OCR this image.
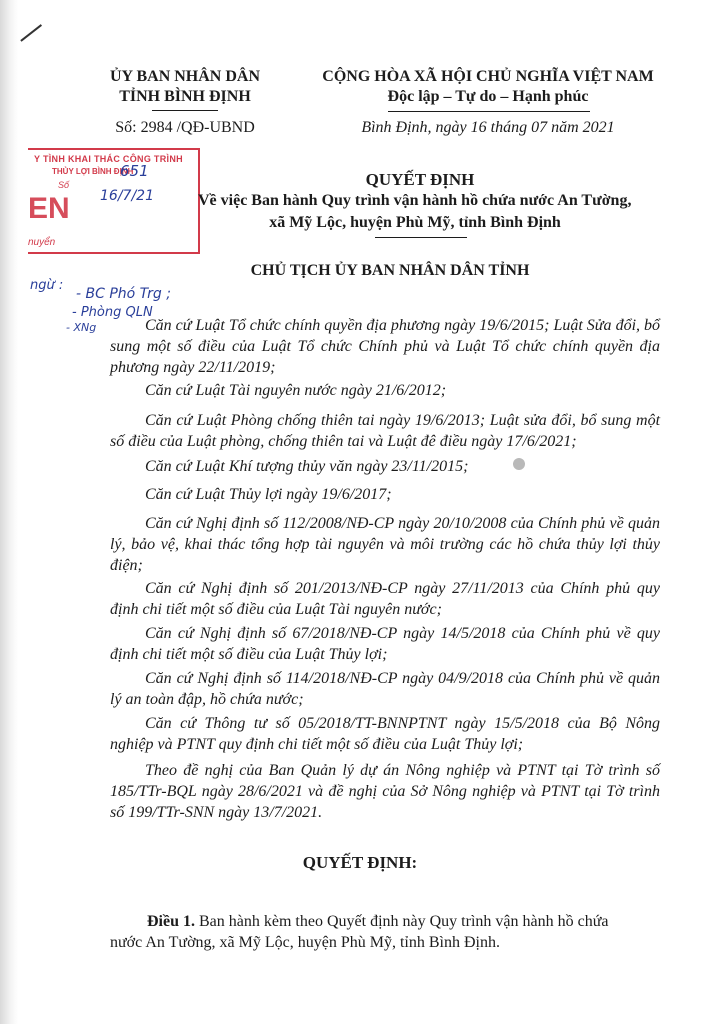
ỦY BAN NHÂN DÂN
TỈNH BÌNH ĐỊNH
Số: 2984 /QĐ-UBND
CỘNG HÒA XÃ HỘI CHỦ NGHĨA VIỆT NAM
Độc lập – Tự do – Hạnh phúc
Bình Định, ngày 16 tháng 07 năm 2021
Y TÌNH KHAI THÁC CÔNG TRÌNH
THỦY LỢI BÌNH ĐỊNH
Số
EN
nuyển
651
16/7/21
QUYẾT ĐỊNH
Về việc Ban hành Quy trình vận hành hồ chứa nước An Tường,
xã Mỹ Lộc, huyện Phù Mỹ, tỉnh Bình Định
ngừ :
- BC Phó Trg ;
- Phòng QLN
- XNg
CHỦ TỊCH ỦY BAN NHÂN DÂN TỈNH
Căn cứ Luật Tổ chức chính quyền địa phương ngày 19/6/2015; Luật Sửa đổi, bổ sung một số điều của Luật Tổ chức Chính phủ và Luật Tổ chức chính quyền địa phương ngày 22/11/2019;
Căn cứ Luật Tài nguyên nước ngày 21/6/2012;
Căn cứ Luật Phòng chống thiên tai ngày 19/6/2013; Luật sửa đổi, bổ sung một số điều của Luật phòng, chống thiên tai và Luật đê điều ngày 17/6/2021;
Căn cứ Luật Khí tượng thủy văn ngày 23/11/2015;
Căn cứ Luật Thủy lợi ngày 19/6/2017;
Căn cứ Nghị định số 112/2008/NĐ-CP ngày 20/10/2008 của Chính phủ về quản lý, bảo vệ, khai thác tổng hợp tài nguyên và môi trường các hồ chứa thủy lợi thủy điện;
Căn cứ Nghị định số 201/2013/NĐ-CP ngày 27/11/2013 của Chính phủ quy định chi tiết một số điều của Luật Tài nguyên nước;
Căn cứ Nghị định số 67/2018/NĐ-CP ngày 14/5/2018 của Chính phủ về quy định chi tiết một số điều của Luật Thủy lợi;
Căn cứ Nghị định số 114/2018/NĐ-CP ngày 04/9/2018 của Chính phủ về quản lý an toàn đập, hồ chứa nước;
Căn cứ Thông tư số 05/2018/TT-BNNPTNT ngày 15/5/2018 của Bộ Nông nghiệp và PTNT quy định chi tiết một số điều của Luật Thủy lợi;
Theo đề nghị của Ban Quản lý dự án Nông nghiệp và PTNT tại Tờ trình số 185/TTr-BQL ngày 28/6/2021 và đề nghị của Sở Nông nghiệp và PTNT tại Tờ trình số 199/TTr-SNN ngày 13/7/2021.
QUYẾT ĐỊNH:
Điều 1. Ban hành kèm theo Quyết định này Quy trình vận hành hồ chứa
nước An Tường, xã Mỹ Lộc, huyện Phù Mỹ, tỉnh Bình Định.
